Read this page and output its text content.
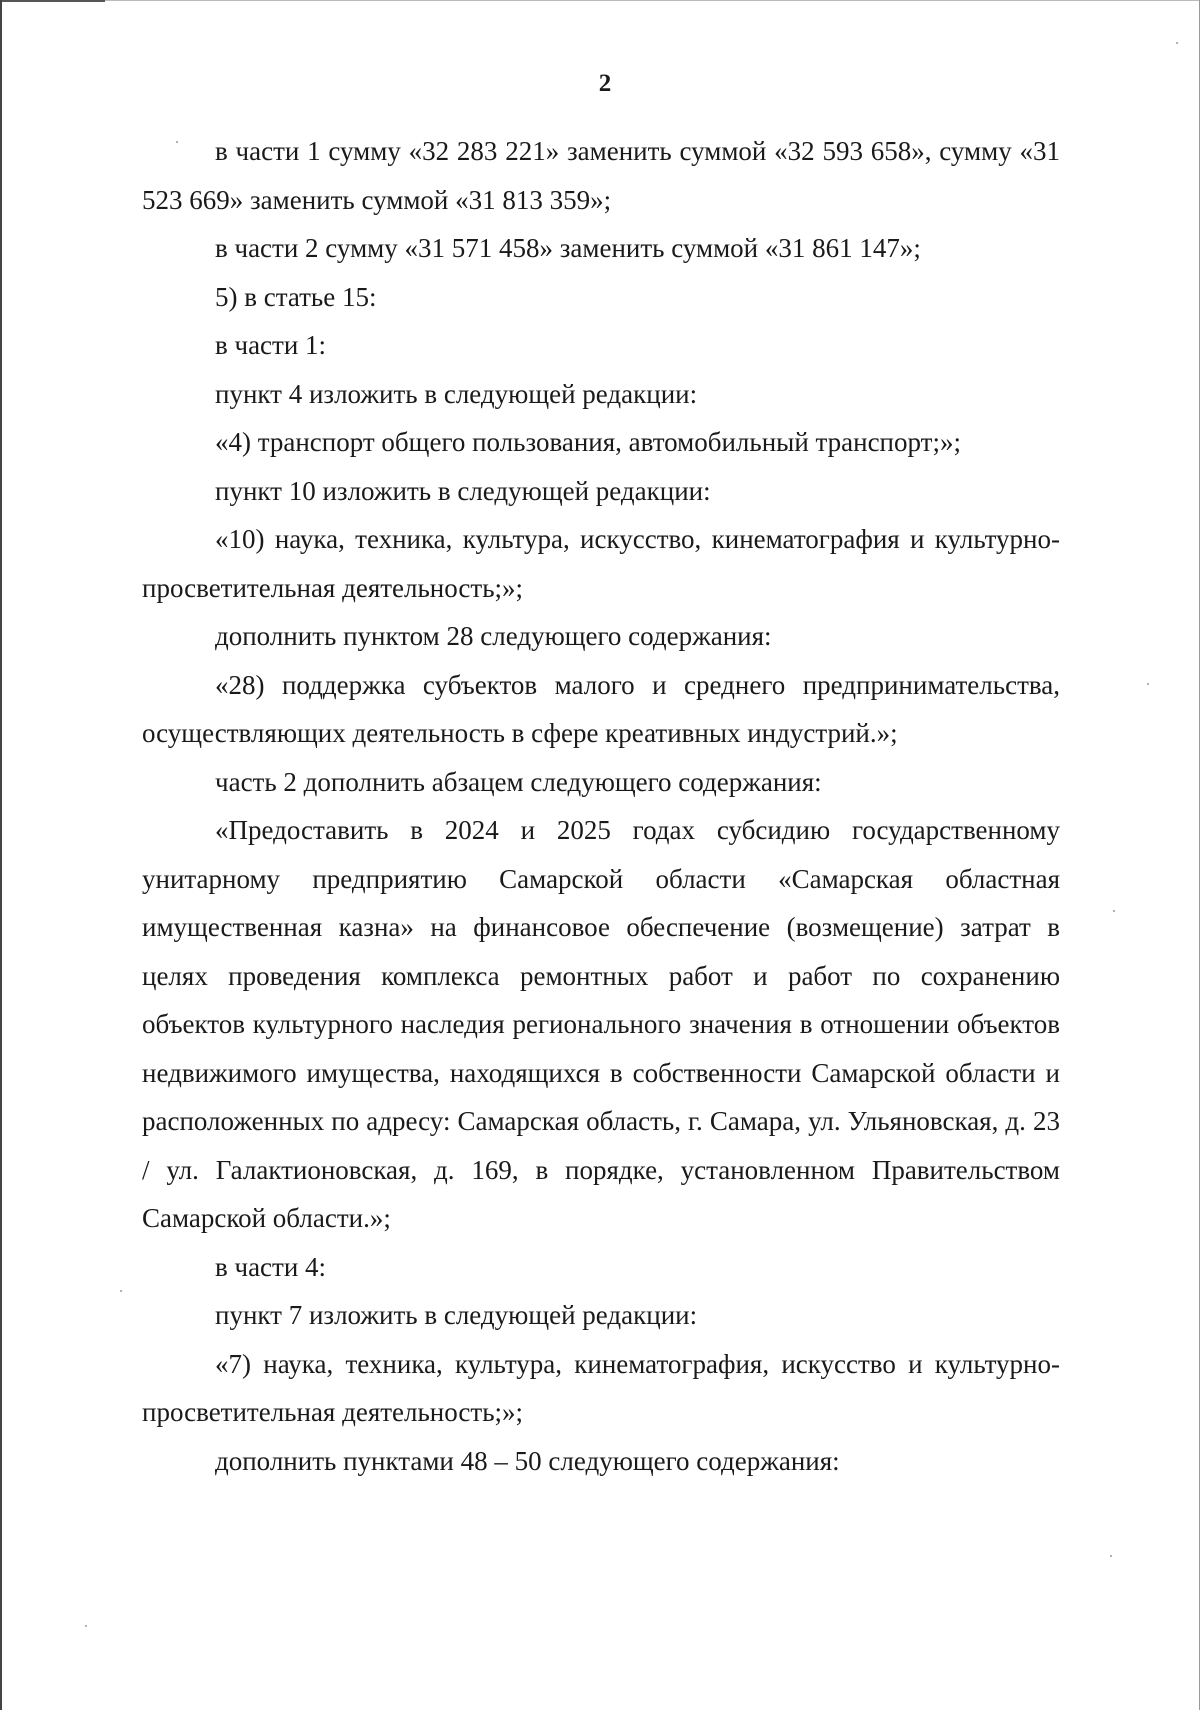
2

в части 1 сумму «32 283 221» заменить суммой «32 593 658», сумму «31 523 669» заменить суммой «31 813 359»;

в части 2 сумму «31 571 458» заменить суммой «31 861 147»;

5) в статье 15:

в части 1:

пункт 4 изложить в следующей редакции:

«4) транспорт общего пользования, автомобильный транспорт;»;

пункт 10 изложить в следующей редакции:

«10) наука, техника, культура, искусство, кинематография и культурно-просветительная деятельность;»;

дополнить пунктом 28 следующего содержания:

«28) поддержка субъектов малого и среднего предпринимательства, осуществляющих деятельность в сфере креативных индустрий.»;

часть 2 дополнить абзацем следующего содержания:

«Предоставить в 2024 и 2025 годах субсидию государственному унитарному предприятию Самарской области «Самарская областная имущественная казна» на финансовое обеспечение (возмещение) затрат в целях проведения комплекса ремонтных работ и работ по сохранению объектов культурного наследия регионального значения в отношении объектов недвижимого имущества, находящихся в собственности Самарской области и расположенных по адресу: Самарская область, г. Самара, ул. Ульяновская, д. 23 / ул. Галактионовская, д. 169, в порядке, установленном Правительством Самарской области.»;

в части 4:

пункт 7 изложить в следующей редакции:

«7) наука, техника, культура, кинематография, искусство и культурно-просветительная деятельность;»;

дополнить пунктами 48 – 50 следующего содержания:
